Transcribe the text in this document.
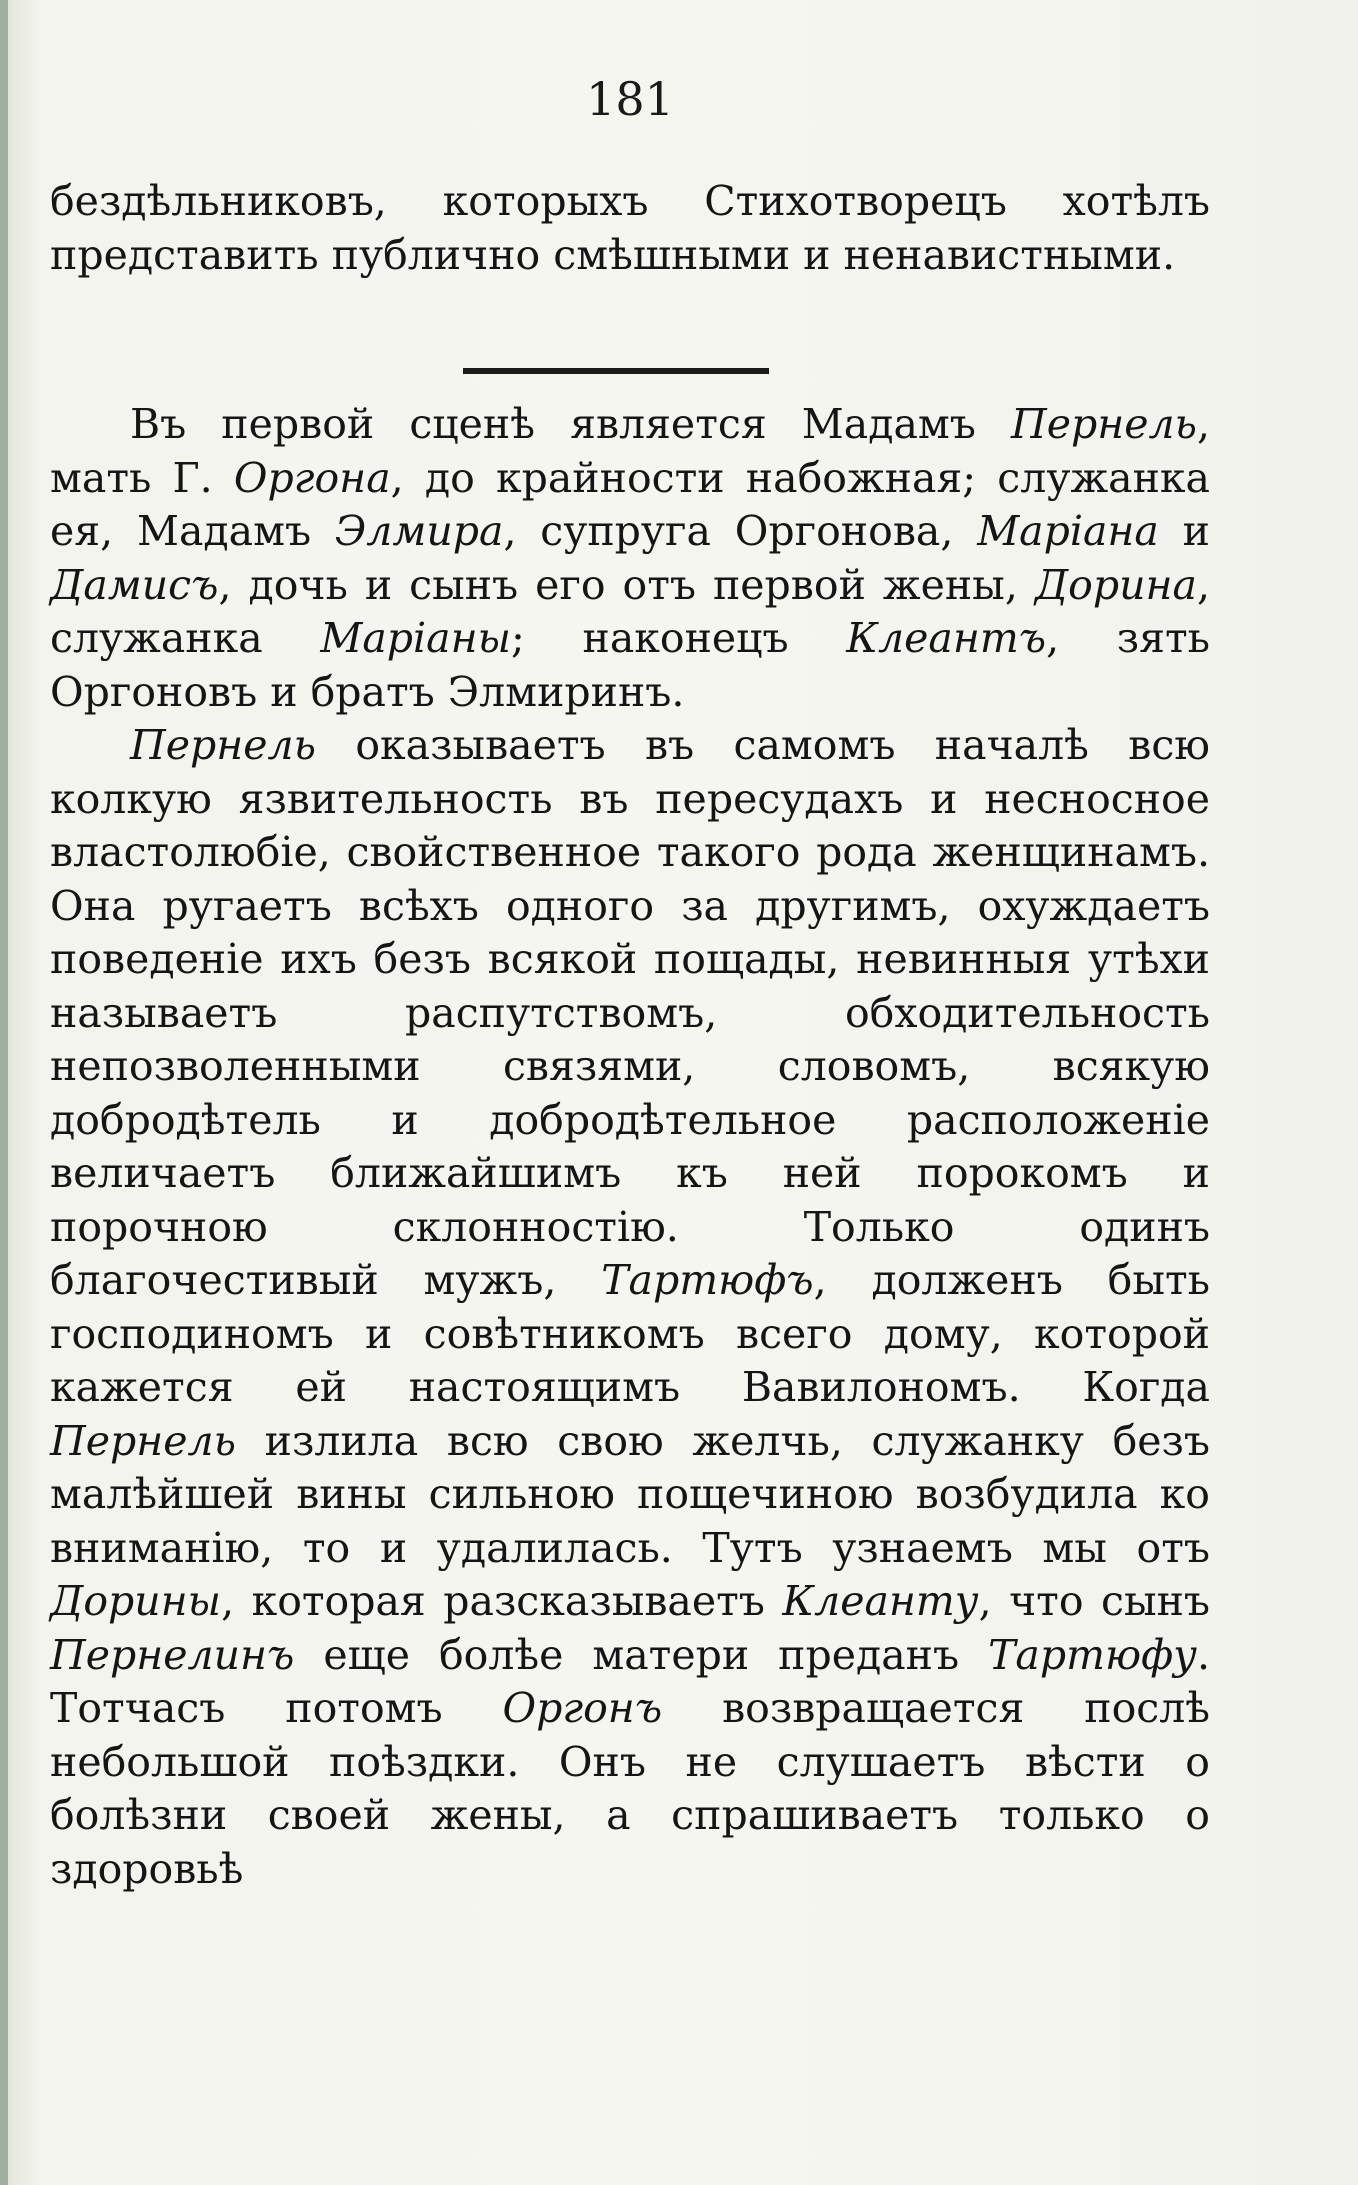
181

бездѣльниковъ, которыхъ Стихотворецъ хотѣлъ представить публично смѣшными и ненавистными.

Въ первой сценѣ является Мадамъ Пернель, мать Г. Оргона, до крайности набожная; служанка ея, Мадамъ Элмира, супруга Оргонова, Маріана и Дамисъ, дочь и сынъ его отъ первой жены, Дорина, служанка Маріаны; наконецъ Клеантъ, зять Оргоновъ и братъ Элмиринъ.

Пернель оказываетъ въ самомъ началѣ всю колкую язвительность въ пересудахъ и несносное властолюбіе, свойственное такого рода женщинамъ. Она ругаетъ всѣхъ одного за другимъ, охуждаетъ поведеніе ихъ безъ всякой пощады, невинныя утѣхи называетъ распутствомъ, обходительность непозволенными связями, словомъ, всякую добродѣтель и добродѣтельное расположеніе величаетъ ближайшимъ къ ней порокомъ и порочною склонностію. Только одинъ благочестивый мужъ, Тартюфъ, долженъ быть господиномъ и совѣтникомъ всего дому, которой кажется ей настоящимъ Вавилономъ. Когда Пернель излила всю свою желчь, служанку безъ малѣйшей вины сильною пощечиною возбудила ко вниманію, то и удалилась. Тутъ узнаемъ мы отъ Дорины, которая разсказываетъ Клеанту, что сынъ Пернелинъ еще болѣе матери преданъ Тартюфу. Тотчасъ потомъ Оргонъ возвращается послѣ небольшой поѣздки. Онъ не слушаетъ вѣсти о болѣзни своей жены, а спрашиваетъ только о здоровьѣ
